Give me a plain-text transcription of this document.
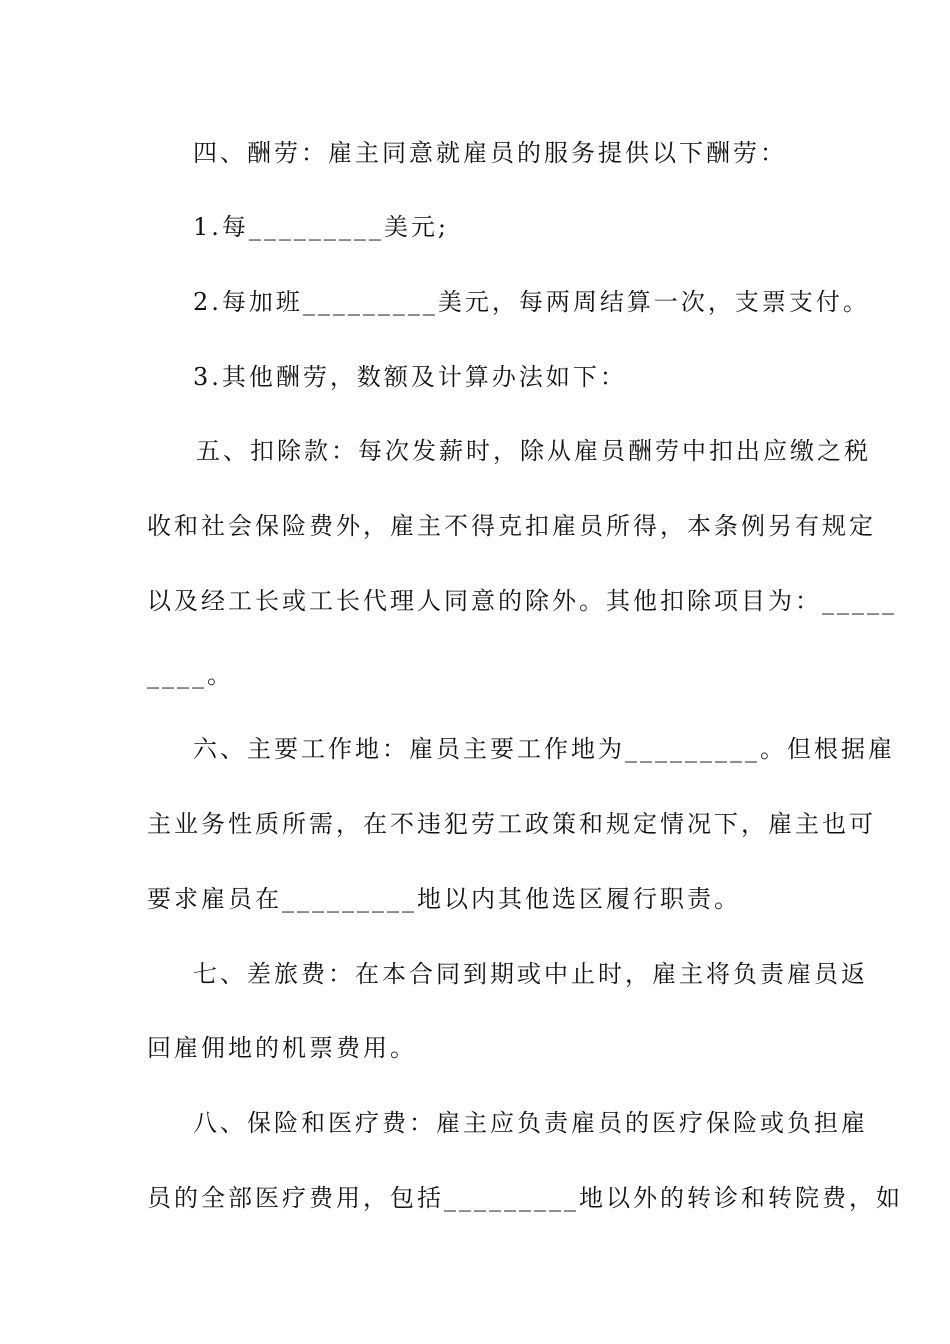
四、酬劳：雇主同意就雇员的服务提供以下酬劳：
1.每_________美元;
2.每加班_________美元，每两周结算一次，支票支付。
3.其他酬劳，数额及计算办法如下：
五、扣除款：每次发薪时，除从雇员酬劳中扣出应缴之税
收和社会保险费外，雇主不得克扣雇员所得，本条例另有规定
以及经工长或工长代理人同意的除外。其他扣除项目为：_____
____。
六、主要工作地：雇员主要工作地为_________。但根据雇
主业务性质所需，在不违犯劳工政策和规定情况下，雇主也可
要求雇员在_________地以内其他选区履行职责。
七、差旅费：在本合同到期或中止时，雇主将负责雇员返
回雇佣地的机票费用。
八、保险和医疗费：雇主应负责雇员的医疗保险或负担雇
员的全部医疗费用，包括_________地以外的转诊和转院费，如
